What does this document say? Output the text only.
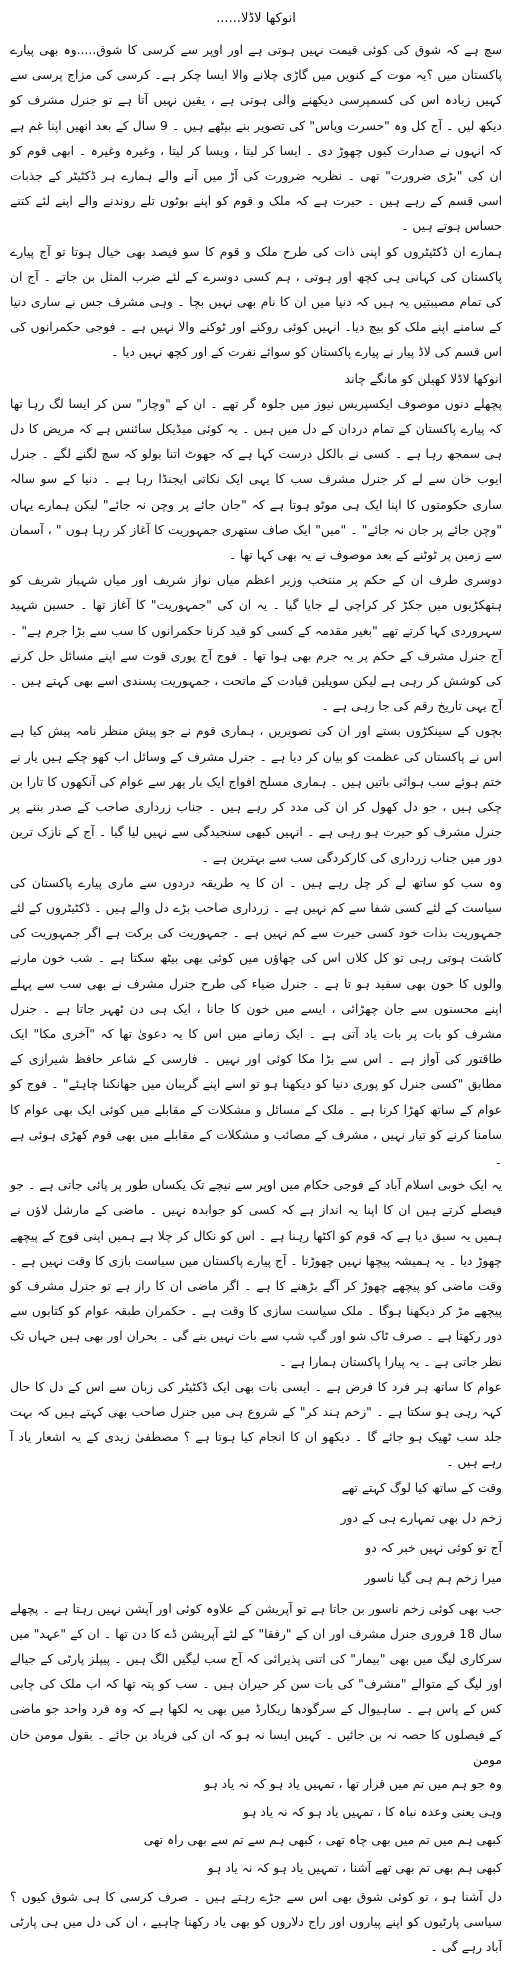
انوکھا لاڈلا......

سچ ہے کہ شوق کی کوئی قیمت نہیں ہوتی ہے اور اوپر سے کرسی کا شوق.....وہ بھی پیارے پاکستان میں ؟یہ موت کے کنویں میں گاڑی چلانے والا ایسا چکر ہے۔ کرسی کی مزاج پرسی سے کہیں زیادہ اس کی کسمپرسی دیکھنے والی ہوتی ہے ، یقین نہیں آتا ہے تو جنرل مشرف کو دیکھ لیں ۔ آج کل وہ "حسرت ویاس" کی تصویر بنے بیٹھے ہیں ۔ 9 سال کے بعد انھیں اپنا غم ہے کہ انہوں نے صدارت کیوں چھوڑ دی ۔ ایسا کر لیتا ، ویسا کر لیتا ، وغیرہ وغیرہ ۔ ابھی قوم کو ان کی "بڑی ضرورت" تھی ۔ نظریہ ضرورت کی آڑ میں آنے والے ہمارے ہر ڈکٹیٹر کے جذبات اسی قسم کے رہے ہیں ۔ حیرت ہے کہ ملک و قوم کو اپنے بوٹوں تلے روندنے والے اپنے لئے کتنے حساس ہوتے ہیں ۔

ہمارے ان ڈکٹیٹروں کو اپنی ذات کی طرح ملک و قوم کا سو فیصد بھی خیال ہوتا تو آج پیارے پاکستان کی کہانی ہی کچھ اور ہوتی ، ہم کسی دوسرے کے لئے ضرب المثل بن جاتے ۔ آج ان کی تمام مصیبتیں یہ ہیں کہ دنیا میں ان کا نام بھی نہیں بچا ۔ وہی مشرف جس نے ساری دنیا کے سامنے اپنے ملک کو بیچ دیا۔ انہیں کوئی روکنے اور ٹوکنے والا نہیں ہے ۔ فوجی حکمرانوں کی اس قسم کی لاڈ پیار نے پیارے پاکستان کو سوائے نفرت کے اور کچھ نہیں دیا ۔

انوکھا لاڈلا کھیلن کو مانگے چاند

پچھلے دنوں موصوف ایکسپریس نیوز میں جلوہ گر تھے ۔ ان کے "وچار" سن کر ایسا لگ رہا تھا کہ پیارے پاکستان کے تمام دردان کے دل میں ہیں ۔ یہ کوئی میڈیکل سائنس ہے کہ مریض کا دل ہی سمجھ رہا ہے ۔ کسی نے بالکل درست کہا ہے کہ جھوٹ اتنا بولو کہ سچ لگنے لگے ۔ جنرل ایوب خان سے لے کر جنرل مشرف سب کا یہی ایک نکاتی ایجنڈا رہا ہے ۔ دنیا کے سو سالہ ساری حکومتوں کا اپنا ایک ہی موٹو ہوتا ہے کہ "جان جائے پر وچن نہ جائے" لیکن ہمارے یہاں "وچن جائے پر جان نہ جائے" ۔ "میں" ایک صاف ستھری جمہوریت کا آغاز کر رہا ہوں " ، آسمان سے زمین پر ٹوٹنے کے بعد موصوف نے یہ بھی کہا تھا ۔

دوسری طرف ان کے حکم پر منتخب وزیر اعظم میاں نواز شریف اور میاں شہباز شریف کو ہتھکڑیوں میں جکڑ کر کراچی لے جایا گیا ۔ یہ ان کی "جمہوریت" کا آغاز تھا ۔ حسین شہید سہروردی کہا کرتے تھے "بغیر مقدمہ کے کسی کو قید کرنا حکمرانوں کا سب سے بڑا جرم ہے" ۔ آج جنرل مشرف کے حکم پر یہ جرم بھی ہوا تھا ۔ فوج آج پوری قوت سے اپنے مسائل حل کرنے کی کوشش کر رہی ہے لیکن سویلین قیادت کے ماتحت ، جمہوریت پسندی اسے بھی کہتے ہیں ۔ آج یہی تاریخ رقم کی جا رہی ہے ۔

بچوں کے سینکڑوں بستے اور ان کی تصویریں ، ہماری قوم نے جو پیش منظر نامہ پیش کیا ہے اس نے پاکستان کی عظمت کو بیان کر دیا ہے ۔ جنرل مشرف کے وسائل اب کھو چکے ہیں یار نے ختم ہوئے سب ہوائی باتیں ہیں ۔ ہماری مسلح افواج ایک بار پھر سے عوام کی آنکھوں کا تارا بن چکی ہیں ، جو دل کھول کر ان کی مدد کر رہے ہیں ۔ جناب زرداری صاحب کے صدر بننے پر جنرل مشرف کو حیرت ہو رہی ہے ۔ انہیں کبھی سنجیدگی سے نہیں لیا گیا ۔ آج کے نازک ترین دور میں جناب زرداری کی کارکردگی سب سے بہترین ہے ۔

وہ سب کو ساتھ لے کر چل رہے ہیں ۔ ان کا یہ طریقہ دردوں سے ماری پیارے پاکستان کی سیاست کے لئے کسی شفا سے کم نہیں ہے ۔ زرداری صاحب بڑے دل والے ہیں ۔ ڈکٹیٹروں کے لئے جمہوریت بذات خود کسی حیرت سے کم نہیں ہے ۔ جمہوریت کی برکت ہے اگر جمہوریت کی کاشت ہوتی رہی تو کل کلاں اس کی چھاؤں میں کوئی بھی بیٹھ سکتا ہے ۔ شب خون مارنے والوں کا خون بھی سفید ہو تا ہے ۔ جنرل ضیاء کی طرح جنرل مشرف نے بھی سب سے پہلے اپنے محسنوں سے جان چھڑائی ، ایسے میں خون کا جانا ، ایک ہی دن ٹھہر جاتا ہے ۔ جنرل مشرف کو بات پر بات یاد آتی ہے ۔ ایک زمانے میں اس کا یہ دعویٰ تھا کہ "آخری مکا" ایک طاقتور کی آواز ہے ۔ اس سے بڑا مکا کوئی اور نہیں ۔ فارسی کے شاعر حافظ شیرازی کے مطابق "کسی جنرل کو پوری دنیا کو دیکھنا ہو تو اسے اپنے گریبان میں جھانکنا چاہئے" ۔ فوج کو عوام کے ساتھ کھڑا کرنا ہے ۔ ملک کے مسائل و مشکلات کے مقابلے میں کوئی ایک بھی عوام کا سامنا کرنے کو تیار نہیں ، مشرف کے مصائب و مشکلات کے مقابلے میں بھی قوم کھڑی ہوئی ہے ۔

یہ ایک خوبی اسلام آباد کے فوجی حکام میں اوپر سے نیچے تک یکساں طور پر پائی جاتی ہے ۔ جو فیصلے کرتے ہیں ان کا اپنا یہ انداز ہے کہ کسی کو جوابدہ نہیں ۔ ماضی کے مارشل لاؤں نے ہمیں یہ سبق دیا ہے کہ قوم کو اکٹھا رہنا ہے ۔ اس کو نکال کر چلا ہے ہمیں اپنی فوج کے پیچھے چھوڑ دیا ۔ یہ ہمیشہ پیچھا نہیں چھوڑتا ۔ آج پیارے پاکستان میں سیاست بازی کا وقت نہیں ہے ۔ وقت ماضی کو پیچھے چھوڑ کر آگے بڑھنے کا ہے ۔ اگر ماضی ان کا راز ہے تو جنرل مشرف کو پیچھے مڑ کر دیکھنا ہوگا ۔ ملک سیاست سازی کا وقت ہے ۔ حکمران طبقہ عوام کو کتابوں سے دور رکھتا ہے ۔ صرف ٹاک شو اور گپ شپ سے بات نہیں بنے گی ۔ بحران اور بھی ہیں جہاں تک نظر جاتی ہے ۔ یہ پیارا پاکستان ہمارا ہے ۔

عوام کا ساتھ ہر فرد کا فرض ہے ۔ ایسی بات بھی ایک ڈکٹیٹر کی زبان سے اس کے دل کا حال کہہ رہی ہو سکتا ہے ۔ "زخم ہند کر" کے شروع ہی میں جنرل صاحب بھی کہتے ہیں کہ بہت جلد سب ٹھیک ہو جائے گا ۔ دیکھو ان کا انجام کیا ہوتا ہے ؟ مصطفیٰ زیدی کے یہ اشعار یاد آ رہے ہیں ۔

وقت کے ساتھ کیا لوگ کہتے تھے
زخم دل بھی تمہارے ہی کے دور
آج تو کوئی نہیں خبر کہ دو
میرا زخم ہم ہی گیا ناسور

جب بھی کوئی زخم ناسور بن جاتا ہے تو آپریشن کے علاوہ کوئی اور آپشن نہیں رہتا ہے ۔ پچھلے سال 18 فروری جنرل مشرف اور ان کے "رفقا" کے لئے آپریشن ڈے کا دن تھا ۔ ان کے "عہد" میں سرکاری لیگ میں بھی "بیمار" کی اتنی پذیرائی کہ آج سب لیگیں الگ ہیں ۔ پیپلز پارٹی کے جیالے اور لیگ کے متوالے "مشرف" کی بات سن کر حیران ہیں ۔ سب کو پتہ تھا کہ اب ملک کی چابی کس کے پاس ہے ۔ ساہیوال کے سرگودھا ریکارڈ میں بھی یہ لکھا ہے کہ وہ فرد واحد جو ماضی کے فیصلوں کا حصہ نہ بن جائیں ۔ کہیں ایسا نہ ہو کہ ان کی فریاد بن جائے ۔ بقول مومن خان مومن

وہ جو ہم میں تم میں قرار تھا ، تمہیں یاد ہو کہ نہ یاد ہو
وہی یعنی وعدہ نباہ کا ، تمہیں یاد ہو کہ نہ یاد ہو
کبھی ہم میں تم میں بھی چاہ تھی ، کبھی ہم سے تم سے بھی راہ تھی
کبھی ہم بھی تم بھی تھے آشنا ، تمہیں یاد ہو کہ نہ یاد ہو

دل آشنا ہو ، تو کوئی شوق بھی اس سے جڑے رہتے ہیں ۔ صرف کرسی کا ہی شوق کیوں ؟ سیاسی پارٹیوں کو اپنے پیاروں اور راج دلاروں کو بھی یاد رکھنا چاہیے ، ان کی دل میں ہی پارٹی آباد رہے گی ۔
